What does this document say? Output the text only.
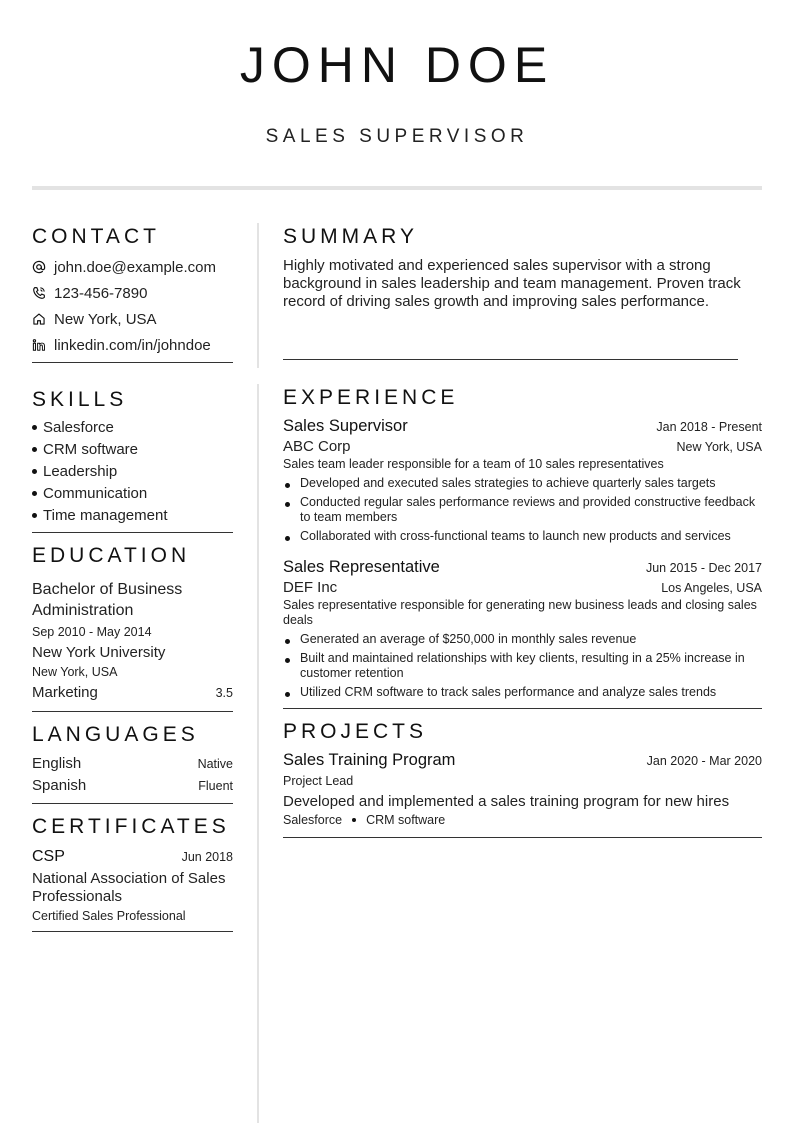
JOHN DOE
SALES SUPERVISOR
CONTACT
john.doe@example.com
123-456-7890
New York, USA
linkedin.com/in/johndoe
SKILLS
Salesforce
CRM software
Leadership
Communication
Time management
EDUCATION
Bachelor of Business Administration
Sep 2010 - May 2014
New York University
New York, USA
Marketing	3.5
LANGUAGES
English	Native
Spanish	Fluent
CERTIFICATES
CSP	Jun 2018
National Association of Sales Professionals
Certified Sales Professional
SUMMARY
Highly motivated and experienced sales supervisor with a strong background in sales leadership and team management. Proven track record of driving sales growth and improving sales performance.
EXPERIENCE
Sales Supervisor	Jan 2018 - Present
ABC Corp	New York, USA
Sales team leader responsible for a team of 10 sales representatives
Developed and executed sales strategies to achieve quarterly sales targets
Conducted regular sales performance reviews and provided constructive feedback to team members
Collaborated with cross-functional teams to launch new products and services
Sales Representative	Jun 2015 - Dec 2017
DEF Inc	Los Angeles, USA
Sales representative responsible for generating new business leads and closing sales deals
Generated an average of $250,000 in monthly sales revenue
Built and maintained relationships with key clients, resulting in a 25% increase in customer retention
Utilized CRM software to track sales performance and analyze sales trends
PROJECTS
Sales Training Program	Jan 2020 - Mar 2020
Project Lead
Developed and implemented a sales training program for new hires
Salesforce CRM software
